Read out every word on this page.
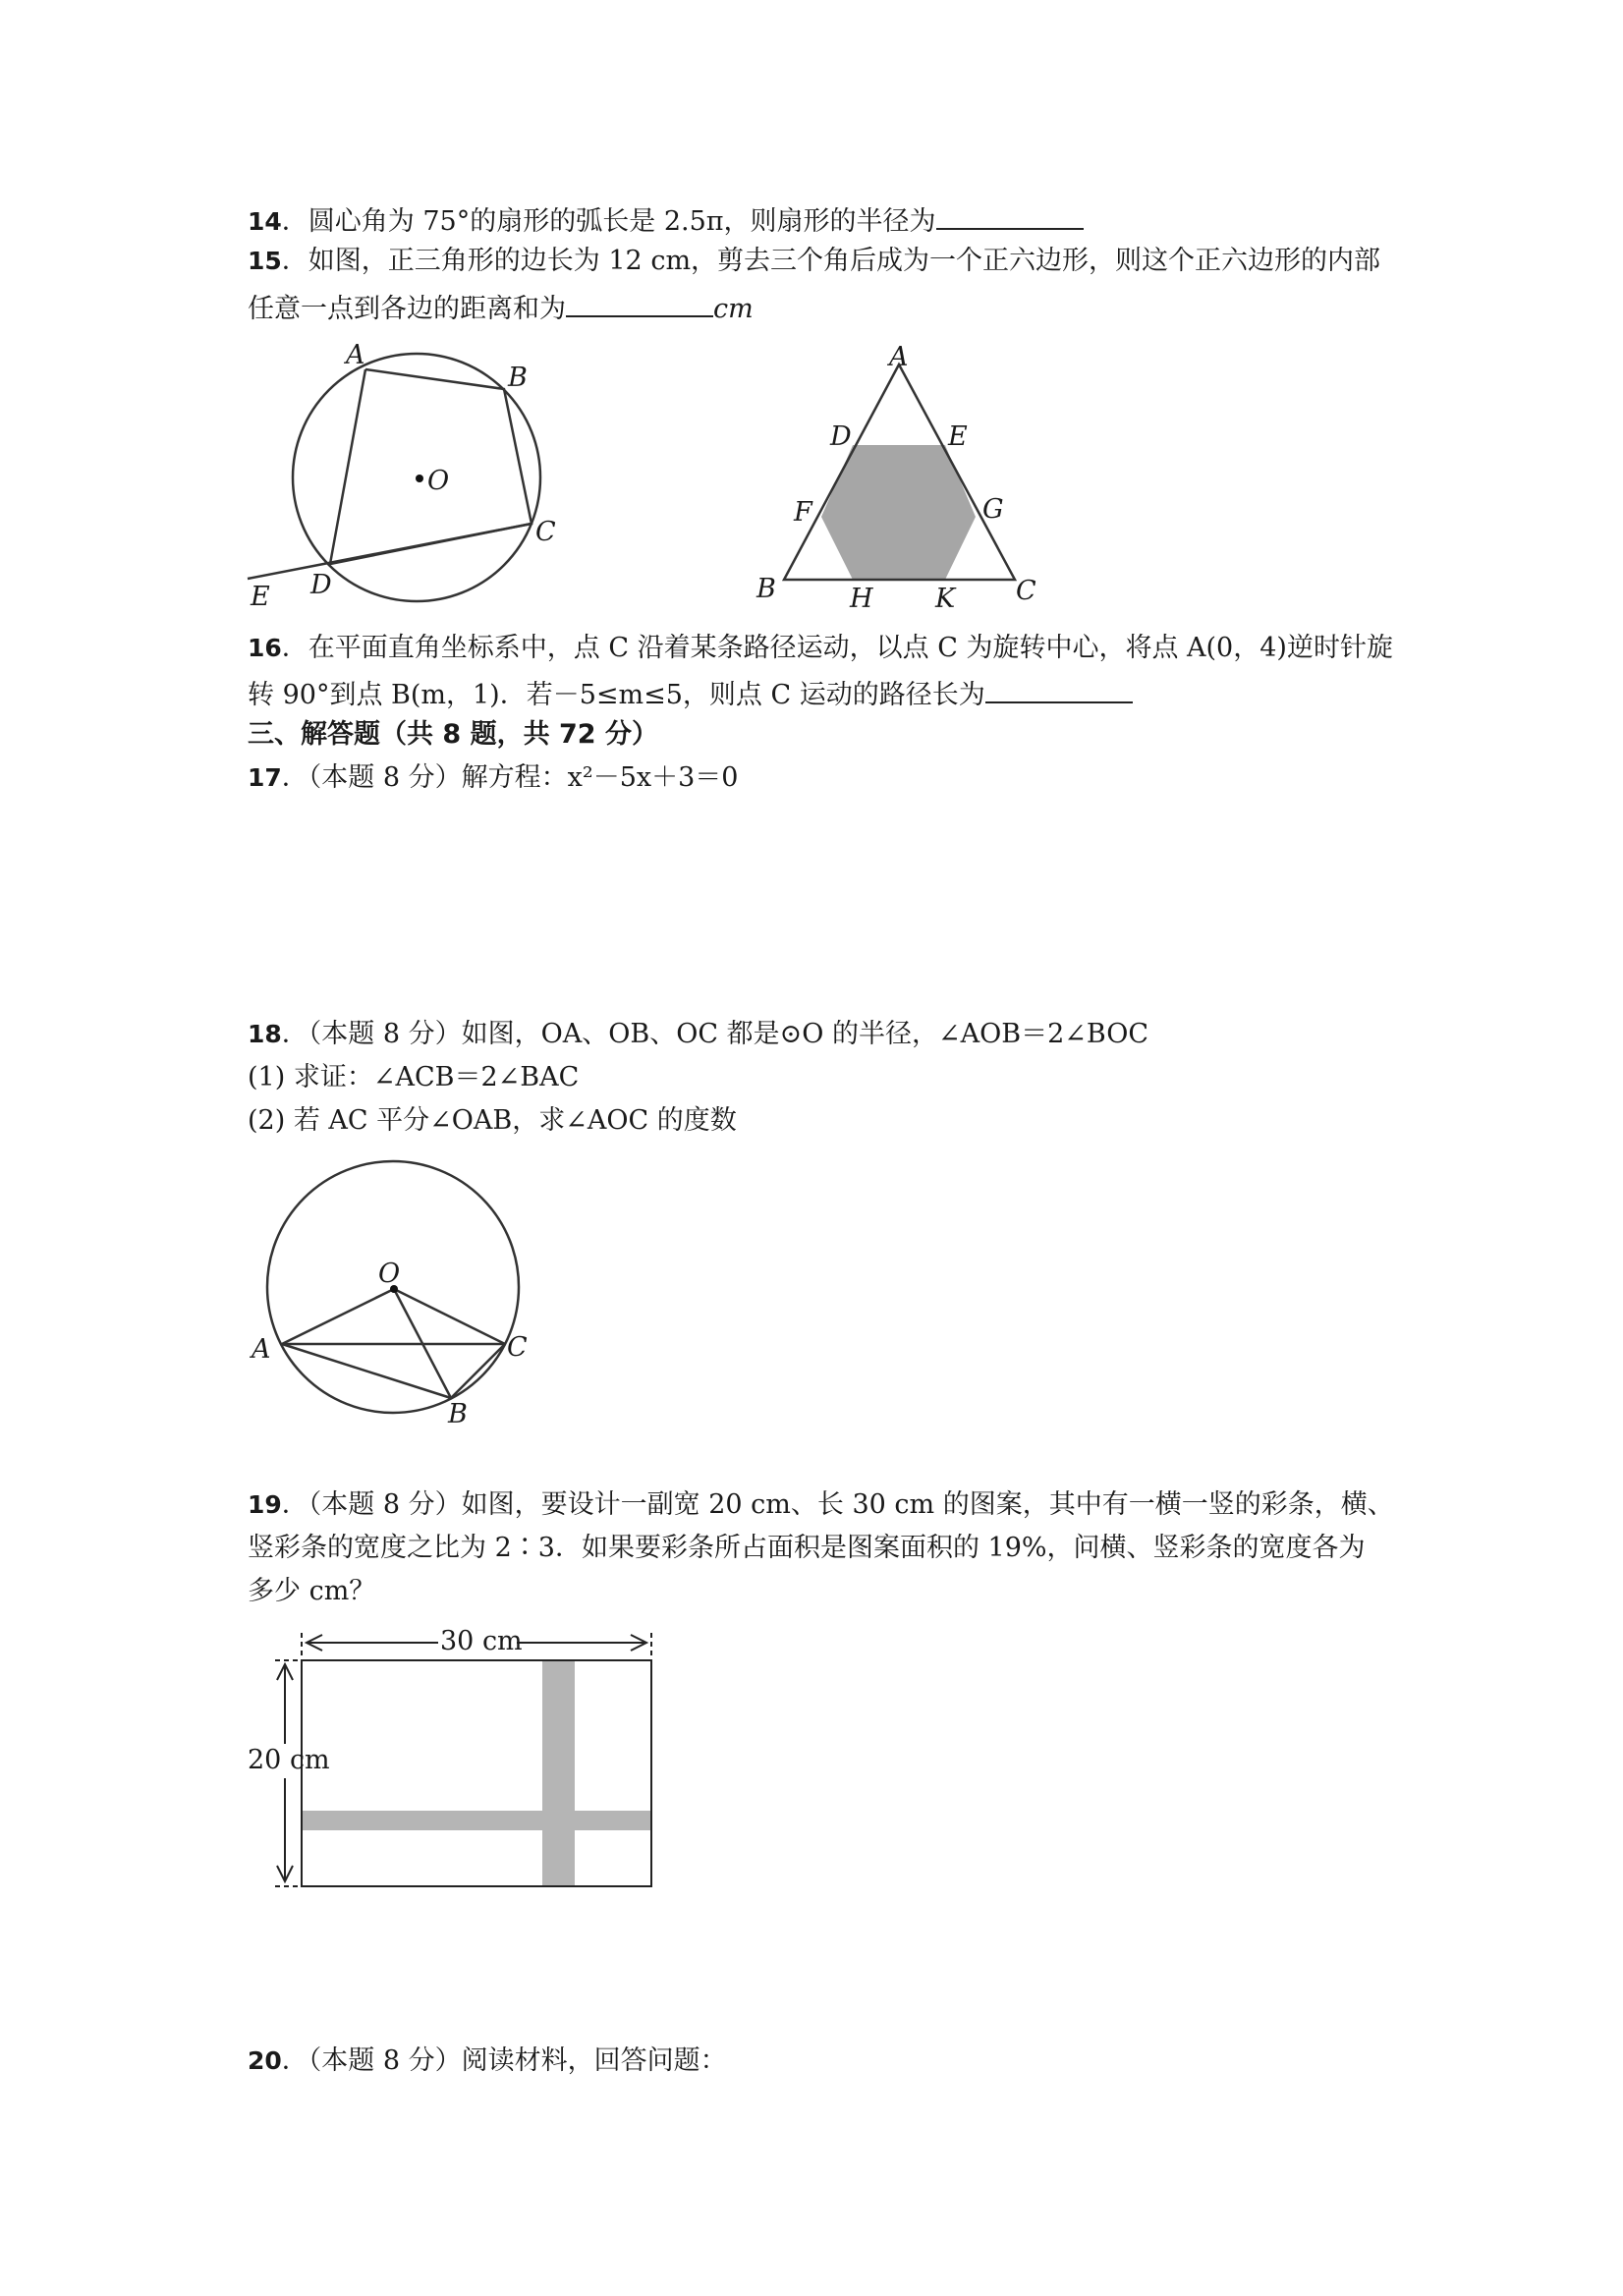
14．圆心角为 75°的扇形的弧长是 2.5π，则扇形的半径为
15．如图，正三角形的边长为 12 cm，剪去三个角后成为一个正六边形，则这个正六边形的内部
任意一点到各边的距离和为	cm
A
B
C
D
E
O
A
B	C
D	E
F	G
H K
16．在平面直角坐标系中，点 C 沿着某条路径运动，以点 C 为旋转中心，将点 A(0，4)逆时针旋
转 90°到点 B(m，1)．若－5≤m≤5，则点 C 运动的路径长为
三、解答题（共 8 题，共 72 分）
17．（本题 8 分）解方程：x²－5x＋3＝0
18．（本题 8 分）如图，OA、OB、OC 都是⊙O 的半径，∠AOB＝2∠BOC
(1) 求证：∠ACB＝2∠BAC
(2) 若 AC 平分∠OAB，求∠AOC 的度数
O
A
B
C
19．（本题 8 分）如图，要设计一副宽 20 cm、长 30 cm 的图案，其中有一横一竖的彩条，横、
竖彩条的宽度之比为 2∶3．如果要彩条所占面积是图案面积的 19%，问横、竖彩条的宽度各为
多少 cm？
30 cm
20 cm
20．（本题 8 分）阅读材料，回答问题：
